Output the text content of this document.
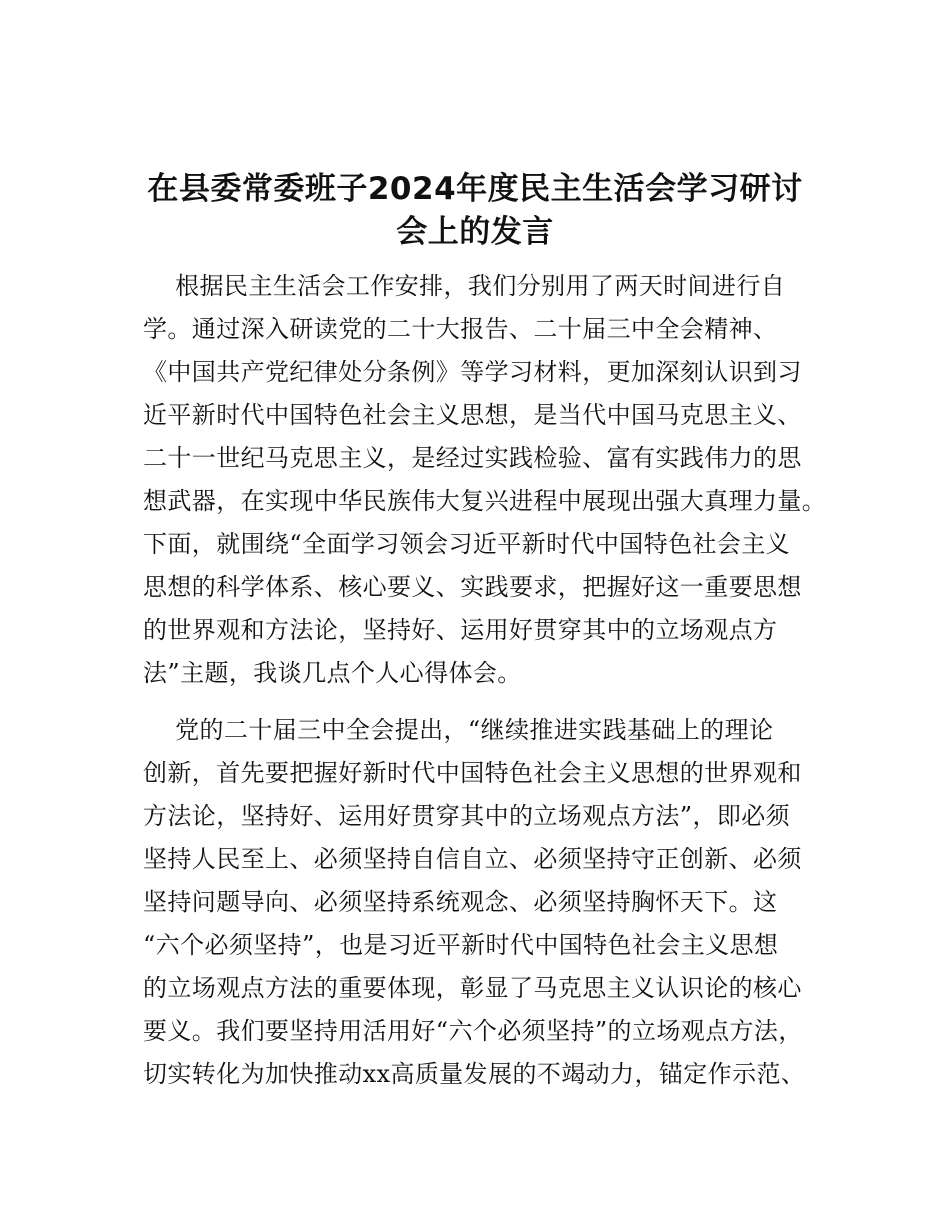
在县委常委班子2024年度民主生活会学习研讨
会上的发言
根据民主生活会工作安排，我们分别用了两天时间进行自
学。通过深入研读党的二十大报告、二十届三中全会精神、
《中国共产党纪律处分条例》等学习材料，更加深刻认识到习
近平新时代中国特色社会主义思想，是当代中国马克思主义、
二十一世纪马克思主义，是经过实践检验、富有实践伟力的思
想武器，在实现中华民族伟大复兴进程中展现出强大真理力量。
下面，就围绕“全面学习领会习近平新时代中国特色社会主义
思想的科学体系、核心要义、实践要求，把握好这一重要思想
的世界观和方法论，坚持好、运用好贯穿其中的立场观点方
法”主题，我谈几点个人心得体会。
党的二十届三中全会提出，“继续推进实践基础上的理论
创新，首先要把握好新时代中国特色社会主义思想的世界观和
方法论，坚持好、运用好贯穿其中的立场观点方法”，即必须
坚持人民至上、必须坚持自信自立、必须坚持守正创新、必须
坚持问题导向、必须坚持系统观念、必须坚持胸怀天下。这
“六个必须坚持”，也是习近平新时代中国特色社会主义思想
的立场观点方法的重要体现，彰显了马克思主义认识论的核心
要义。我们要坚持用活用好“六个必须坚持”的立场观点方法，
切实转化为加快推动xx高质量发展的不竭动力，锚定作示范、
